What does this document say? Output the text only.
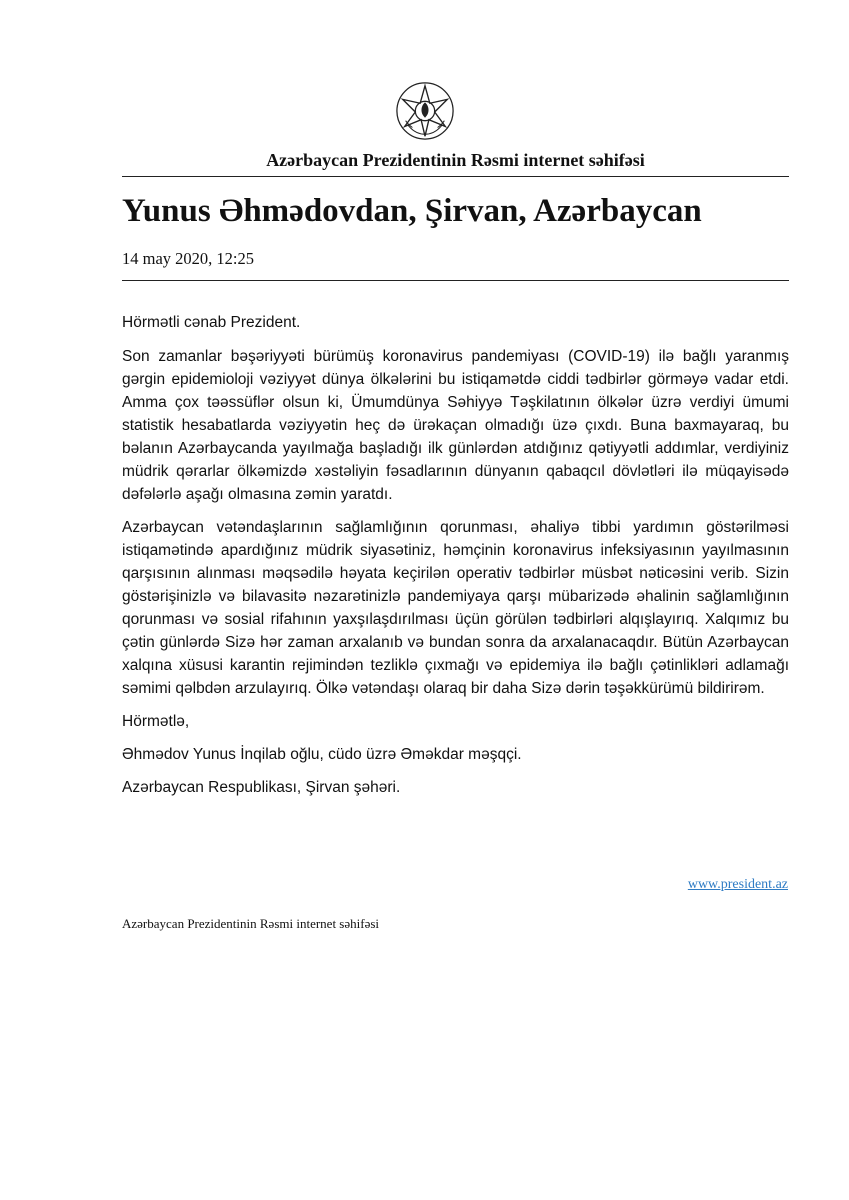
Azərbaycan Prezidentinin Rəsmi internet səhifəsi
Yunus Əhmədovdan, Şirvan, Azərbaycan
14 may 2020, 12:25

Hörmətli cənab Prezident.

Son zamanlar bəşəriyyəti bürümüş koronavirus pandemiyası (COVID-19) ilə bağlı yaranmış gərgin epidemioloji vəziyyət dünya ölkələrini bu istiqamətdə ciddi tədbirlər görməyə vadar etdi. Amma çox təəssüflər olsun ki, Ümumdünya Səhiyyə Təşkilatının ölkələr üzrə verdiyi ümumi statistik hesabatlarda vəziyyətin heç də ürəkaçan olmadığı üzə çıxdı. Buna baxmayaraq, bu bəlanın Azərbaycanda yayılmağa başladığı ilk günlərdən atdığınız qətiyyətli addımlar, verdiyiniz müdrik qərarlar ölkəmizdə xəstəliyin fəsadlarının dünyanın qabaqcıl dövlətləri ilə müqayisədə dəfələrlə aşağı olmasına zəmin yaratdı.

Azərbaycan vətəndaşlarının sağlamlığının qorunması, əhaliyə tibbi yardımın göstərilməsi istiqamətində apardığınız müdrik siyasətiniz, həmçinin koronavirus infeksiyasının yayılmasının qarşısının alınması məqsədilə həyata keçirilən operativ tədbirlər müsbət nəticəsini verib. Sizin göstərişinizlə və bilavasitə nəzarətinizlə pandemiyaya qarşı mübarizədə əhalinin sağlamlığının qorunması və sosial rifahının yaxşılaşdırılması üçün görülən tədbirləri alqışlayırıq. Xalqımız bu çətin günlərdə Sizə hər zaman arxalanıb və bundan sonra da arxalanacaqdır. Bütün Azərbaycan xalqına xüsusi karantin rejimindən tezliklə çıxmağı və epidemiya ilə bağlı çətinlikləri adlamağı səmimi qəlbdən arzulayırıq. Ölkə vətəndaşı olaraq bir daha Sizə dərin təşəkkürümü bildirirəm.

Hörmətlə,

Əhmədov Yunus İnqilab oğlu, cüdo üzrə Əməkdar məşqçi.

Azərbaycan Respublikası, Şirvan şəhəri.

www.president.az
Azərbaycan Prezidentinin Rəsmi internet səhifəsi
